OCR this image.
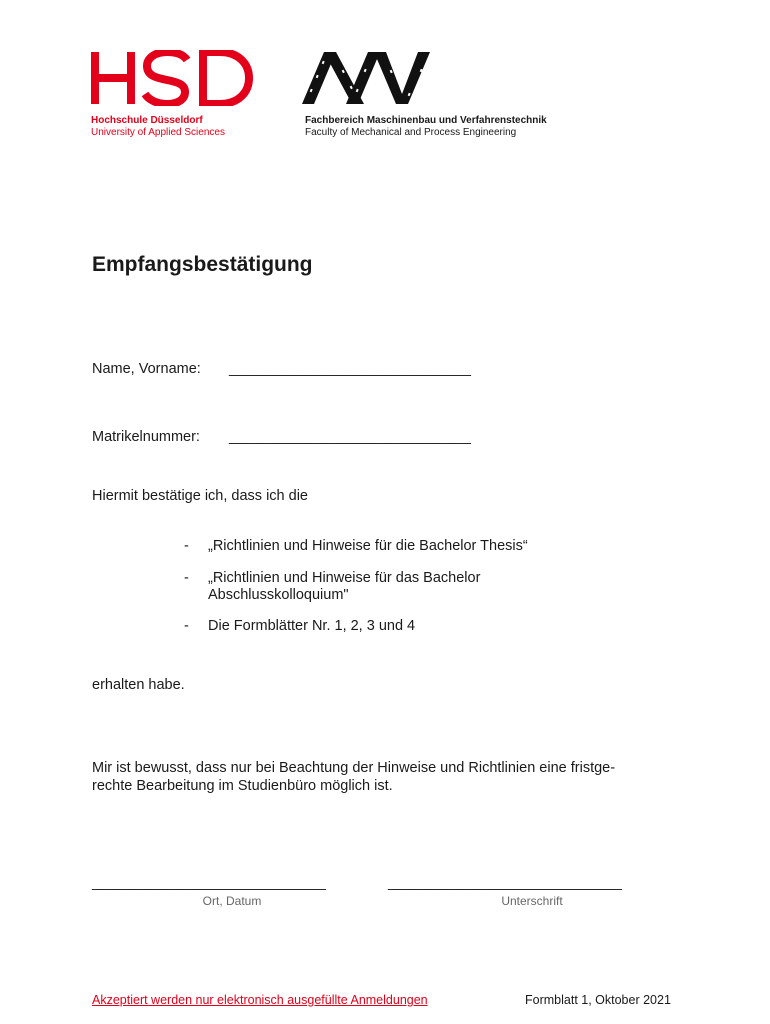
Hochschule Düsseldorf
University of Applied Sciences
Fachbereich Maschinenbau und Verfahrenstechnik
Faculty of Mechanical and Process Engineering
Empfangsbestätigung
Name, Vorname: ______________________________
Matrikelnummer: ______________________________
Hiermit bestätige ich, dass ich die
- „Richtlinien und Hinweise für die Bachelor Thesis“
- „Richtlinien und Hinweise für das Bachelor
Abschlusskolloquium"
- Die Formblätter Nr. 1, 2, 3 und 4
erhalten habe.
Mir ist bewusst, dass nur bei Beachtung der Hinweise und Richtlinien eine fristge-
rechte Bearbeitung im Studienbüro möglich ist.
_____________________________
Ort, Datum
_____________________________
Unterschrift
Akzeptiert werden nur elektronisch ausgefüllte Anmeldungen	Formblatt 1, Oktober 2021
